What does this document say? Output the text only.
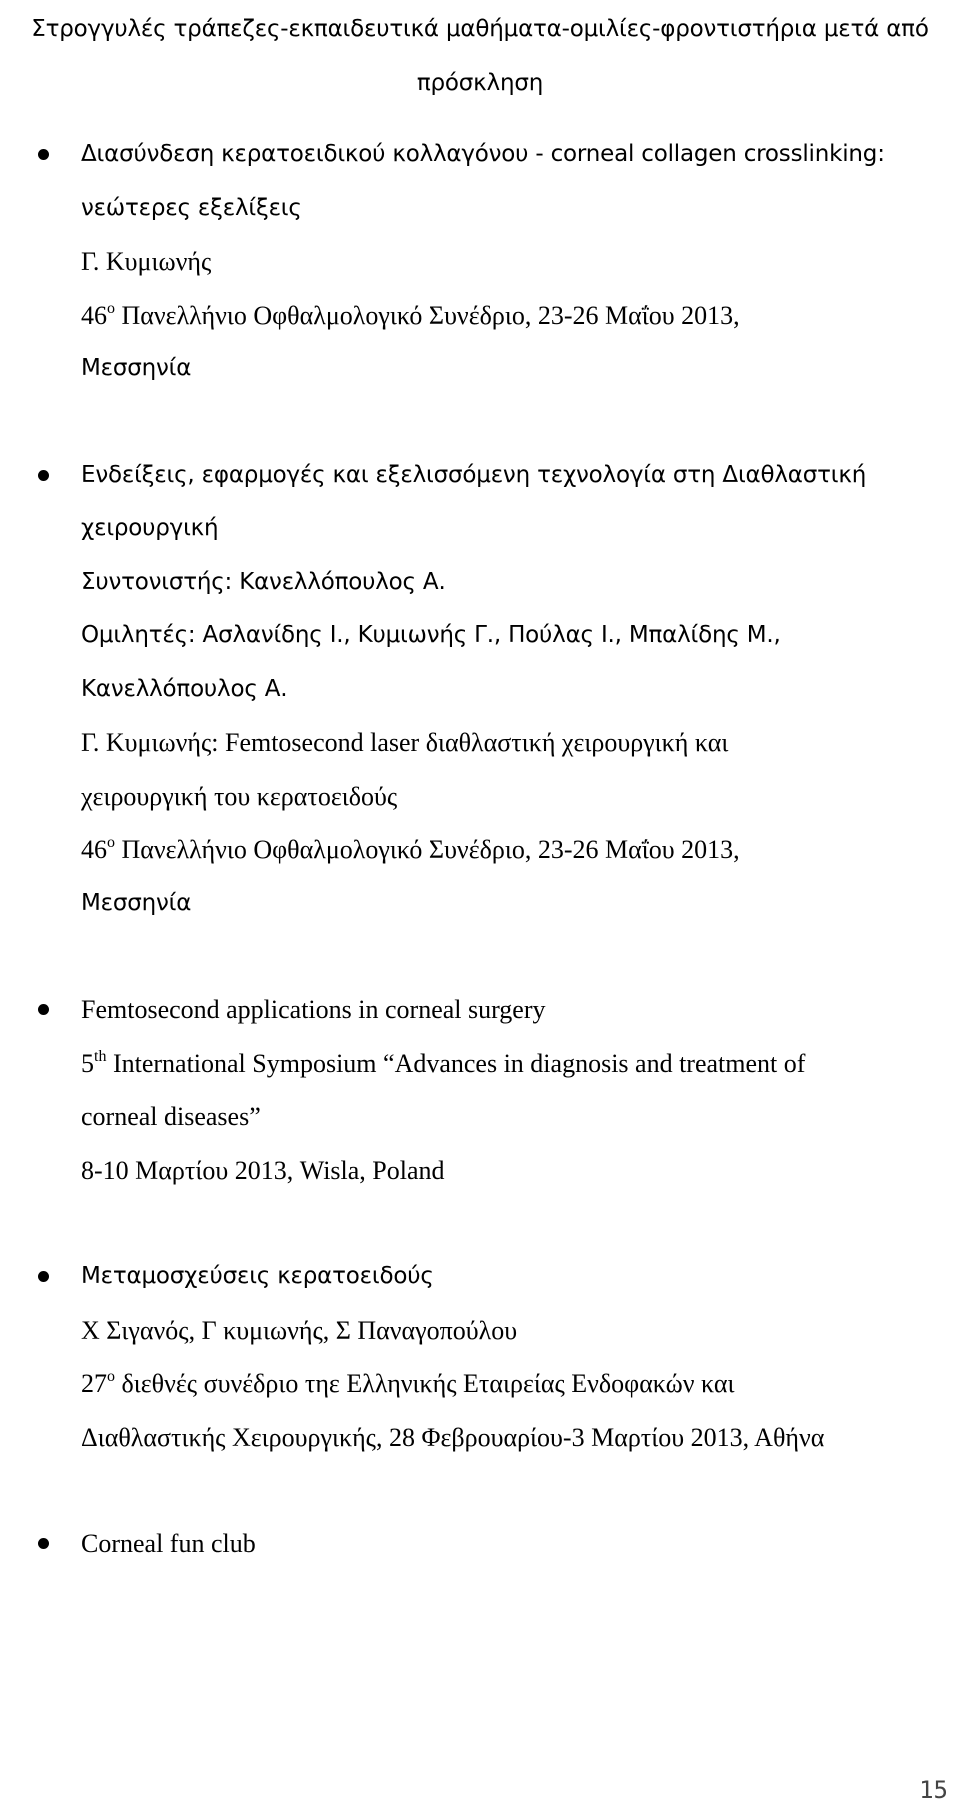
Στρογγυλές τράπεζες-εκπαιδευτικά μαθήματα-ομιλίες-φροντιστήρια μετά από
πρόσκληση
Διασύνδεση κερατοειδικού κολλαγόνου - corneal collagen crosslinking:
νεώτερες εξελίξεις
Γ. Κυμιωνής
$46^o$ Πανελλήνιο Οφθαλμολογικό Συνέδριο, 23-26 Μαΐου 2013,
Μεσσηνία
Ενδείξεις, εφαρμογές και εξελισσόμενη τεχνολογία στη Διαθλαστική
χειρουργική
Συντονιστής: Κανελλόπουλος Α.
Ομιλητές: Ασλανίδης Ι., Κυμιωνής Γ., Πούλας Ι., Μπαλίδης Μ.,
Κανελλόπουλος Α.
Γ. Κυμιωνής: Femtosecond laser διαθλαστική χειρουργική και
χειρουργική του κερατοειδούς
$46^o$ Πανελλήνιο Οφθαλμολογικό Συνέδριο, 23-26 Μαΐου 2013,
Μεσσηνία
Femtosecond applications in corneal surgery
5th International Symposium “Advances in diagnosis and treatment of
corneal diseases”
8-10 Μαρτίου 2013, Wisla, Poland
Μεταμοσχεύσεις κερατοειδούς
Χ Σιγανός, Γ κυμιωνής, Σ Παναγοπούλου
$27^o$ διεθνές συνέδριο τηε Ελληνικής Εταιρείας Ενδοφακών και
Διαθλαστικής Χειρουργικής, 28 Φεβρουαρίου-3 Μαρτίου 2013, Αθήνα
Corneal fun club
15
